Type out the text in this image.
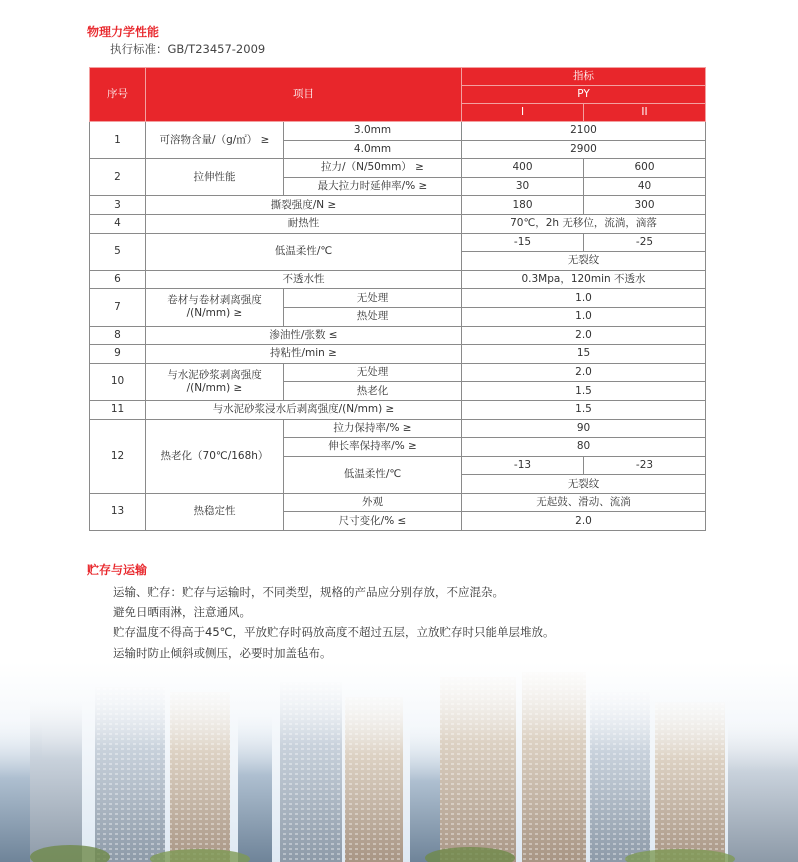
物理力学性能
执行标准：GB/T23457-2009
序号	项目		指标	
			PY	
			I	II
1	可溶物含量/（g/㎡） ≥	3.0mm	2100	
		4.0mm	2900	
2	拉伸性能	拉力/（N/50mm） ≥	400	600
		最大拉力时延伸率/% ≥	30	40
3	撕裂强度/N ≥		180	300
4	耐热性		70℃，2h 无移位，流淌，滴落	
5	低温柔性/℃		-15	-25
			无裂纹	
6	不透水性		0.3Mpa，120min 不透水	
7	卷材与卷材剥离强度
/(N/mm) ≥	无处理	1.0	
		热处理	1.0	
8	渗油性/张数 ≤		2.0	
9	持粘性/min ≥		15	
10	与水泥砂浆剥离强度
/(N/mm) ≥	无处理	2.0	
		热老化	1.5	
11	与水泥砂浆浸水后剥离强度/(N/mm) ≥		1.5	
12	热老化（70℃/168h）	拉力保持率/% ≥	90	
		伸长率保持率/% ≥	80	
		低温柔性/℃	-13	-23
			无裂纹	
13	热稳定性	外观	无起鼓、滑动、流淌	
		尺寸变化/% ≤	2.0	
贮存与运输
运输、贮存：贮存与运输时，不同类型，规格的产品应分别存放，不应混杂。
避免日晒雨淋，注意通风。
贮存温度不得高于45℃，平放贮存时码放高度不超过五层，立放贮存时只能单层堆放。
运输时防止倾斜或侧压，必要时加盖毡布。
